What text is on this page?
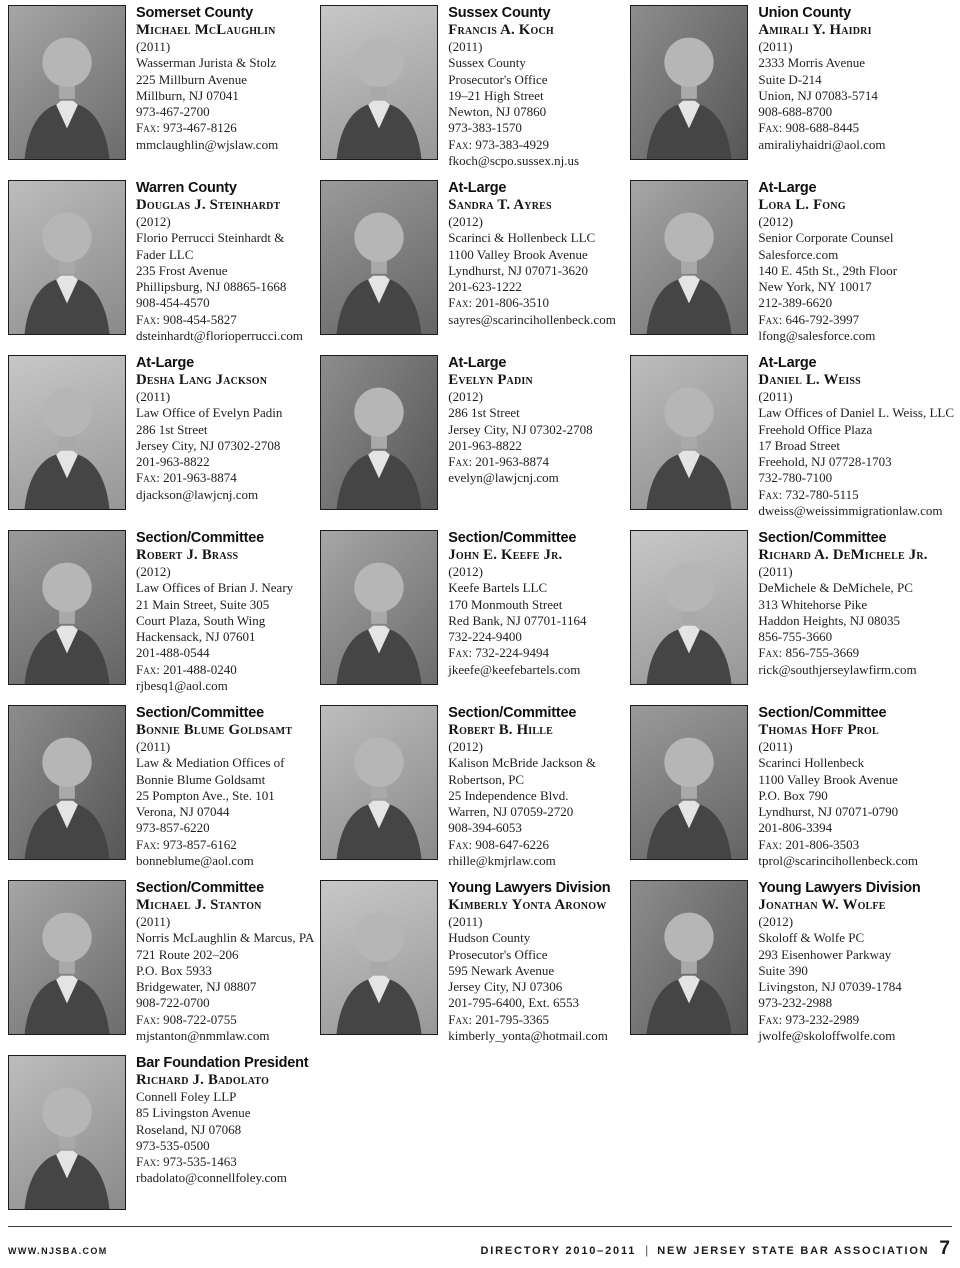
Somerset County
Michael McLaughlin
(2011)
Wasserman Jurista & Stolz
225 Millburn Avenue
Millburn, NJ 07041
973-467-2700
Fax: 973-467-8126
mmclaughlin@wjslaw.com
Sussex County
Francis A. Koch
(2011)
Sussex County
Prosecutor's Office
19–21 High Street
Newton, NJ 07860
973-383-1570
Fax: 973-383-4929
fkoch@scpo.sussex.nj.us
Union County
Amirali Y. Haidri
(2011)
2333 Morris Avenue
Suite D-214
Union, NJ 07083-5714
908-688-8700
Fax: 908-688-8445
amiraliyhaidri@aol.com
Warren County
Douglas J. Steinhardt
(2012)
Florio Perrucci Steinhardt &
Fader LLC
235 Frost Avenue
Phillipsburg, NJ 08865-1668
908-454-4570
Fax: 908-454-5827
dsteinhardt@florioperrucci.com
At-Large
Sandra T. Ayres
(2012)
Scarinci & Hollenbeck LLC
1100 Valley Brook Avenue
Lyndhurst, NJ 07071-3620
201-623-1222
Fax: 201-806-3510
sayres@scarincihollenbeck.com
At-Large
Lora L. Fong
(2012)
Senior Corporate Counsel
Salesforce.com
140 E. 45th St., 29th Floor
New York, NY 10017
212-389-6620
Fax: 646-792-3997
lfong@salesforce.com
At-Large
Desha Lang Jackson
(2011)
Law Office of Evelyn Padin
286 1st Street
Jersey City, NJ 07302-2708
201-963-8822
Fax: 201-963-8874
djackson@lawjcnj.com
At-Large
Evelyn Padin
(2012)
286 1st Street
Jersey City, NJ 07302-2708
201-963-8822
Fax: 201-963-8874
evelyn@lawjcnj.com
At-Large
Daniel L. Weiss
(2011)
Law Offices of Daniel L. Weiss, LLC
Freehold Office Plaza
17 Broad Street
Freehold, NJ 07728-1703
732-780-7100
Fax: 732-780-5115
dweiss@weissimmigrationlaw.com
Section/Committee
Robert J. Brass
(2012)
Law Offices of Brian J. Neary
21 Main Street, Suite 305
Court Plaza, South Wing
Hackensack, NJ 07601
201-488-0544
Fax: 201-488-0240
rjbesq1@aol.com
Section/Committee
John E. Keefe Jr.
(2012)
Keefe Bartels LLC
170 Monmouth Street
Red Bank, NJ 07701-1164
732-224-9400
Fax: 732-224-9494
jkeefe@keefebartels.com
Section/Committee
Richard A. DeMichele Jr.
(2011)
DeMichele & DeMichele, PC
313 Whitehorse Pike
Haddon Heights, NJ 08035
856-755-3660
Fax: 856-755-3669
rick@southjerseylawfirm.com
Section/Committee
Bonnie Blume Goldsamt
(2011)
Law & Mediation Offices of
Bonnie Blume Goldsamt
25 Pompton Ave., Ste. 101
Verona, NJ 07044
973-857-6220
Fax: 973-857-6162
bonneblume@aol.com
Section/Committee
Robert B. Hille
(2012)
Kalison McBride Jackson &
Robertson, PC
25 Independence Blvd.
Warren, NJ 07059-2720
908-394-6053
Fax: 908-647-6226
rhille@kmjrlaw.com
Section/Committee
Thomas Hoff Prol
(2011)
Scarinci Hollenbeck
1100 Valley Brook Avenue
P.O. Box 790
Lyndhurst, NJ 07071-0790
201-806-3394
Fax: 201-806-3503
tprol@scarincihollenbeck.com
Section/Committee
Michael J. Stanton
(2011)
Norris McLaughlin & Marcus, PA
721 Route 202–206
P.O. Box 5933
Bridgewater, NJ 08807
908-722-0700
Fax: 908-722-0755
mjstanton@nmmlaw.com
Young Lawyers Division
Kimberly Yonta Aronow
(2011)
Hudson County
Prosecutor's Office
595 Newark Avenue
Jersey City, NJ 07306
201-795-6400, Ext. 6553
Fax: 201-795-3365
kimberly_yonta@hotmail.com
Young Lawyers Division
Jonathan W. Wolfe
(2012)
Skoloff & Wolfe PC
293 Eisenhower Parkway
Suite 390
Livingston, NJ 07039-1784
973-232-2988
Fax: 973-232-2989
jwolfe@skoloffwolfe.com
Bar Foundation President
Richard J. Badolato
Connell Foley LLP
85 Livingston Avenue
Roseland, NJ 07068
973-535-0500
Fax: 973-535-1463
rbadolato@connellfoley.com
WWW.NJSBA.COM	DIRECTORY 2010–2011 | NEW JERSEY STATE BAR ASSOCIATION 7
